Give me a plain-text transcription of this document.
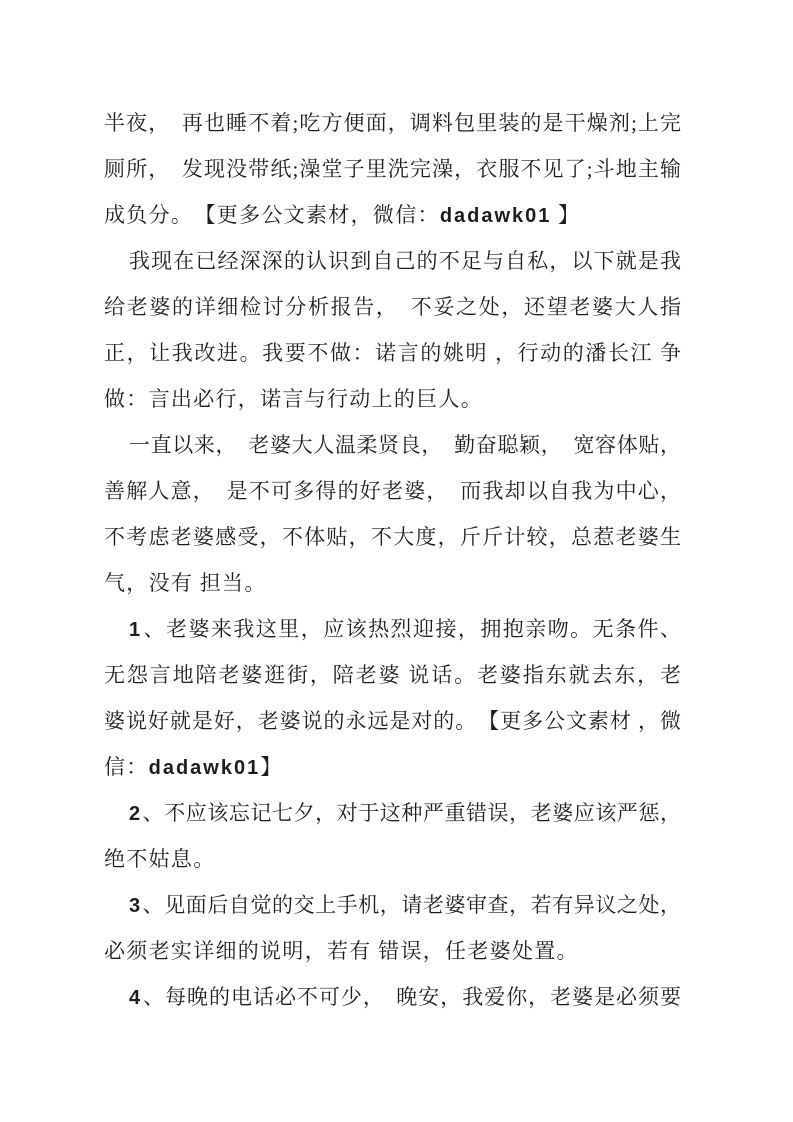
半夜，　再也睡不着;吃方便面，调料包里装的是干燥剂;上完
厕所，　发现没带纸;澡堂子里洗完澡，衣服不见了;斗地主输
成负分。　【更多公文素材，微信：dadawk01 】

我现在已经深深的认识到自己的不足与自私，以下就是我
给老婆的详细检讨分析报告，　不妥之处，还望老婆大人指
正，让我改进。我要不做：诺言的姚明 ，行动的潘长江 争
做：言出必行，诺言与行动上的巨人。

一直以来，　老婆大人温柔贤良，　勤奋聪颖，　宽容体贴，
善解人意，　是不可多得的好老婆，　而我却以自我为中心，
不考虑老婆感受，不体贴，不大度，斤斤计较，总惹老婆生
气，没有 担当。

1、老婆来我这里，应该热烈迎接，拥抱亲吻。无条件、
无怨言地陪老婆逛街，陪老婆 说话。老婆指东就去东，老
婆说好就是好，老婆说的永远是对的。　【更多公文素材 ，微
信：dadawk01】

2、不应该忘记七夕，对于这种严重错误，老婆应该严惩，
绝不姑息。

3、见面后自觉的交上手机，请老婆审查，若有异议之处，
必须老实详细的说明，若有 错误，任老婆处置。

4、每晚的电话必不可少，　晚安，我爱你，老婆是必须要
